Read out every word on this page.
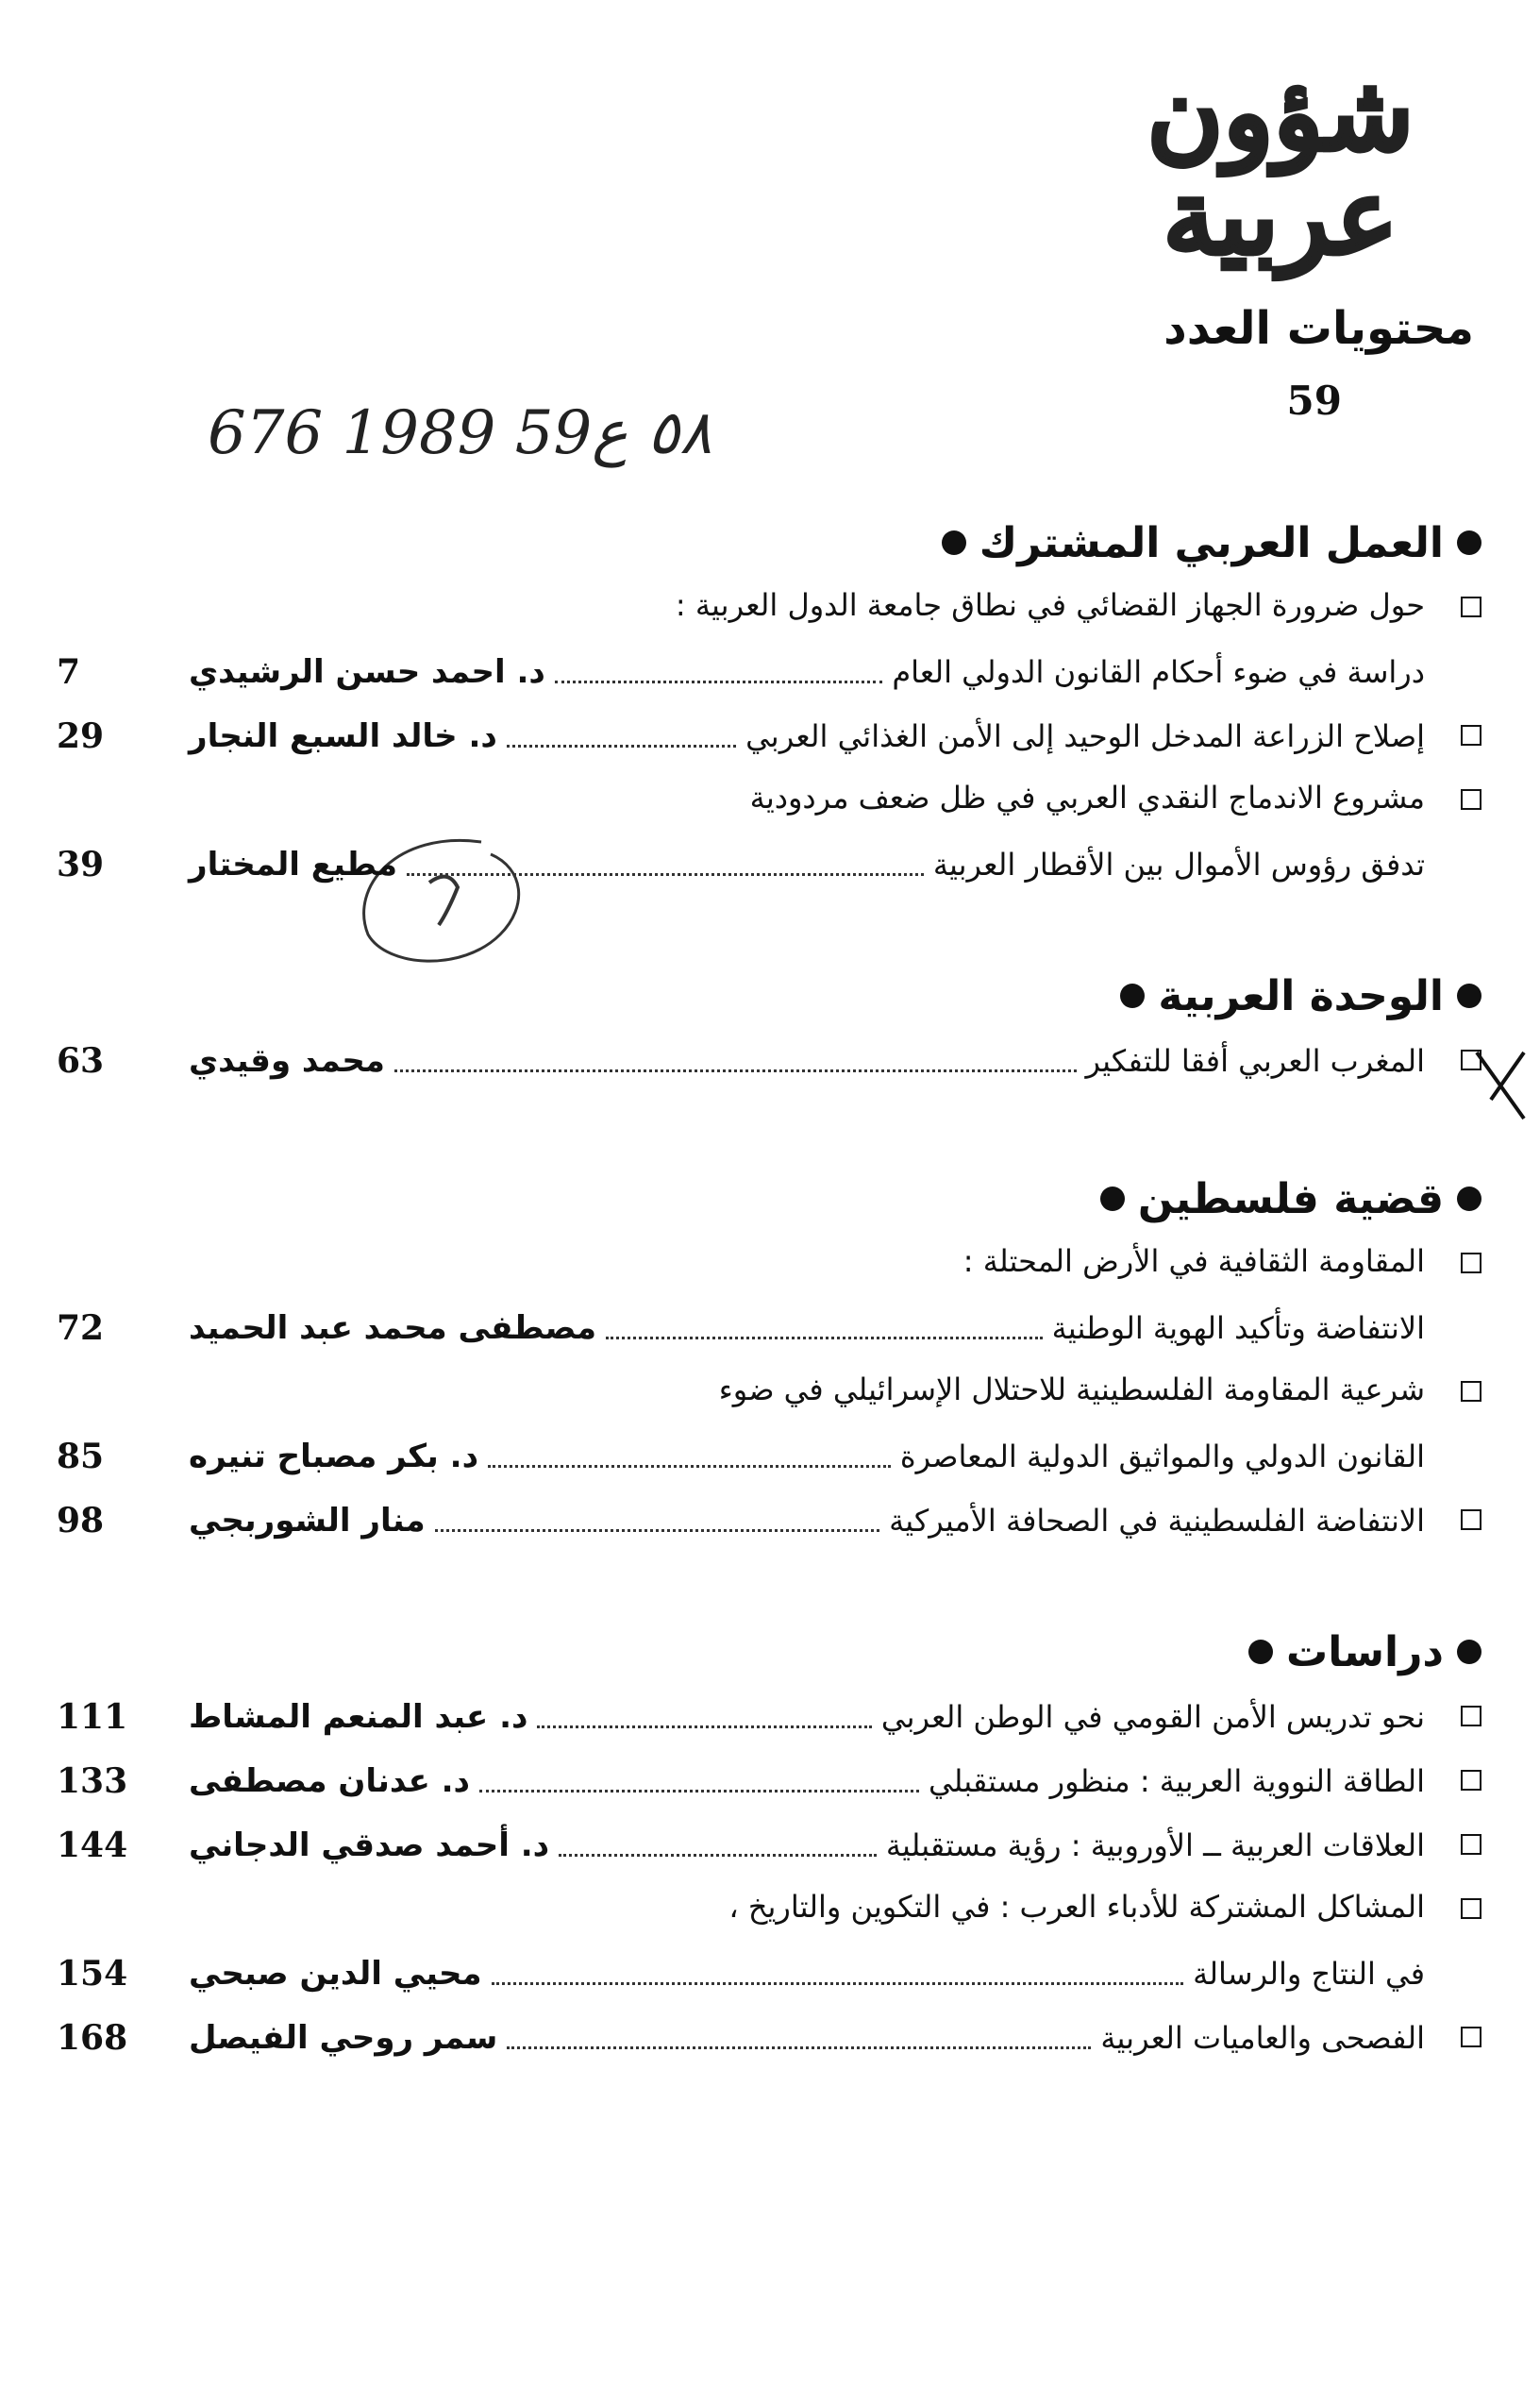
شؤون
عربية
محتويات العدد
59
٥٨ ع59 1989 676
العمل العربي المشترك
حول ضرورة الجهاز القضائي في نطاق جامعة الدول العربية :
دراسة في ضوء أحكام القانون الدولي العام
د. احمد حسن الرشيدي
7
إصلاح الزراعة المدخل الوحيد إلى الأمن الغذائي العربي
د. خالد السبع النجار
29
مشروع الاندماج النقدي العربي في ظل ضعف مردودية
تدفق رؤوس الأموال بين الأقطار العربية
مطيع المختار
39
الوحدة العربية
المغرب العربي أفقا للتفكير
محمد وقيدي
63
قضية فلسطين
المقاومة الثقافية في الأرض المحتلة :
الانتفاضة وتأكيد الهوية الوطنية
مصطفى محمد عبد الحميد
72
شرعية المقاومة الفلسطينية للاحتلال الإسرائيلي في ضوء
القانون الدولي والمواثيق الدولية المعاصرة
د. بكر مصباح تنيره
85
الانتفاضة الفلسطينية في الصحافة الأميركية
منار الشوربجي
98
دراسات
نحو تدريس الأمن القومي في الوطن العربي
د. عبد المنعم المشاط
111
الطاقة النووية العربية : منظور مستقبلي
د. عدنان مصطفى
133
العلاقات العربية ــ الأوروبية : رؤية مستقبلية
د. أحمد صدقي الدجاني
144
المشاكل المشتركة للأدباء العرب : في التكوين والتاريخ ،
في النتاج والرسالة
محيي الدين صبحي
154
الفصحى والعاميات العربية
سمر روحي الفيصل
168
